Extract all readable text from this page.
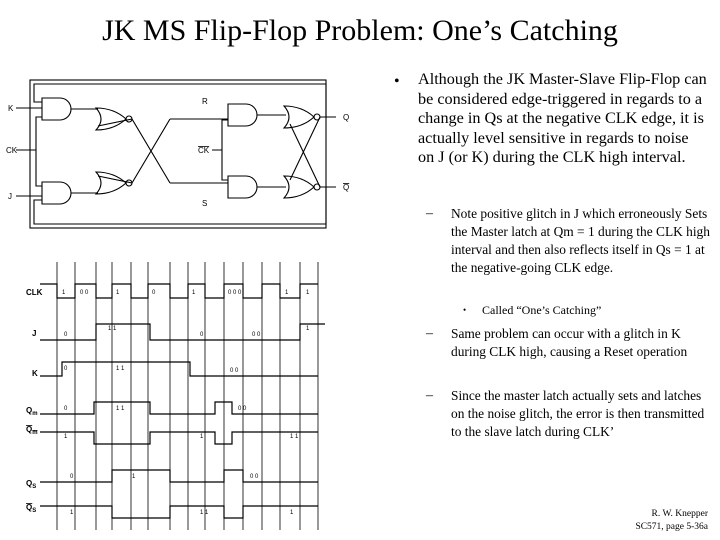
JK MS Flip-Flop Problem: One’s Catching
K
CK
J
R
S
CK
Q
Q
1 0 0	1	0	1	0 0 0	1	1
0
1 1
0	0 0
1
0	1 1	0 0
0	1 1	0 0
1	1	1 1
0	1	0 0
1	1 1	1
CLK
J
K
$Q_m$
$Q_m$
$Q_S$
$Q_S$
• Although the JK Master-Slave Flip-Flop can be considered edge-triggered in regards to a change in Qs at the negative CLK edge, it is actually level sensitive in regards to noise on J (or K) during the CLK high interval.
– Note positive glitch in J which erroneously Sets the Master latch at Qm = 1 during the CLK high interval and then also reflects itself in Qs = 1 at the negative-going CLK edge.
• Called “One’s Catching”
– Same problem can occur with a glitch in K during CLK high, causing a Reset operation
– Since the master latch actually sets and latches on the noise glitch, the error is then transmitted to the slave latch during CLK’
R. W. Knepper
SC571, page 5-36a
